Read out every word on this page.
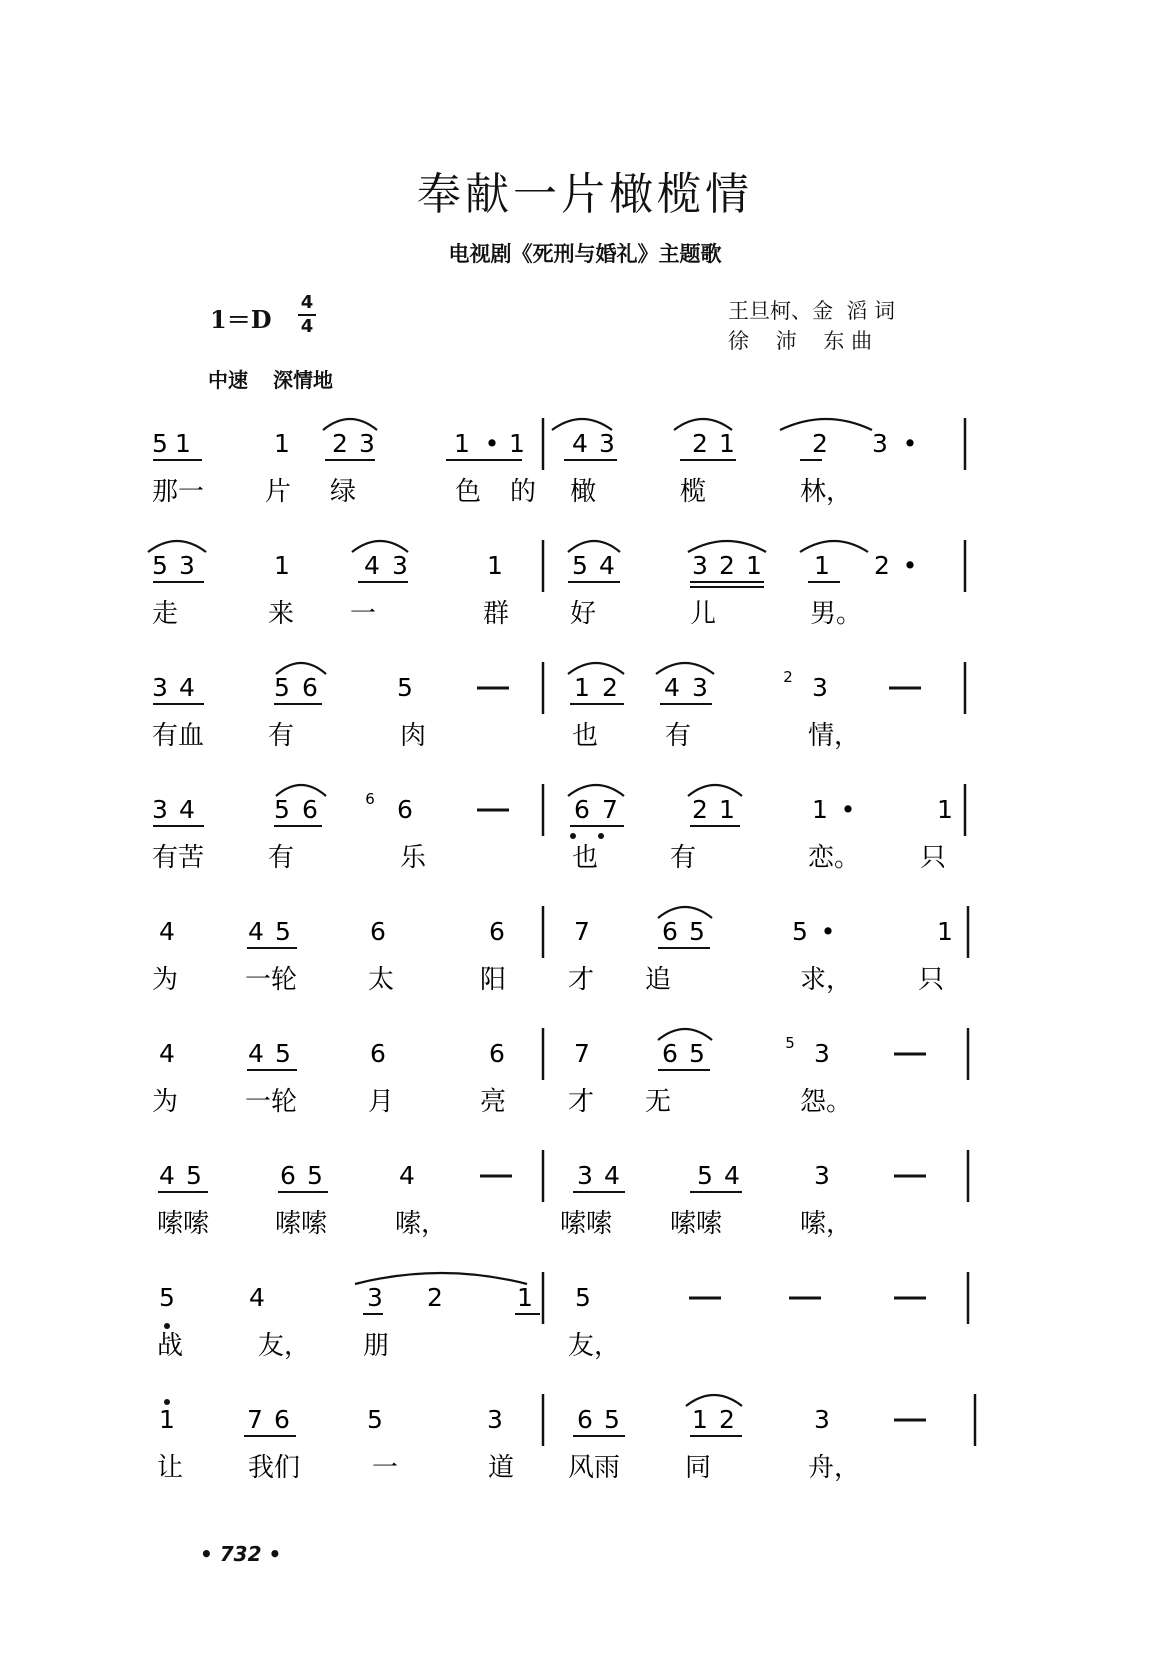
奉献一片橄榄情
电视剧《死刑与婚礼》主题歌
1＝D
4
4
王旦柯、金  滔 词
徐    沛    东 曲
中速 深情地
5 1	1 2 3	1 • 1 4 3	2 1	2 3 •
那一 片 绿	色 的 橄	榄	林，
5 3	1	4 3	1	5 4	3 2 1 1 2 •
走	来 一	群 好	儿	男。
3 4	5 6	5	1 2 4 3	2 3
有血 有	肉	也	有	情，
3 4	5 6	6 6	6 7	2 1	1 •	1
有苦 有	乐	也	有	恋。 只
4	4 5	6	6	7	6 5	5 •	1
为	一轮	太	阳 才 追	求，	只
4	4 5	6	6	7	6 5	5 3
为	一轮	月	亮 才 无	怨。
4 5	6 5	4	3 4	5 4	3
嗦嗦	嗦嗦	嗦，	嗦嗦 嗦嗦	嗦，
5	4	3 2	1 5
战	友， 朋	友，
1	7 6	5	3	6 5	1 2	3
让 我们	一	道 风雨 同	舟，
• 732 •
